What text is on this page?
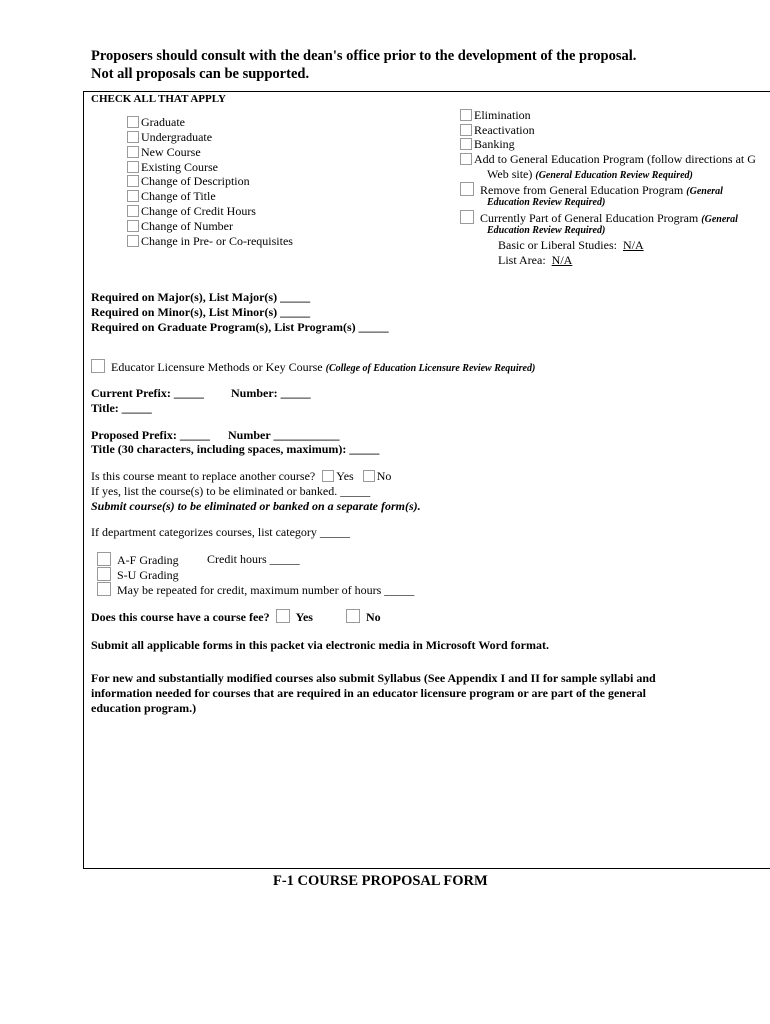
Proposers should consult with the dean's office prior to the development of the proposal.
Not all proposals can be supported.
CHECK ALL THAT APPLY
Graduate
Undergraduate
New Course
Existing Course
Change of Description
Change of Title
Change of Credit Hours
Change of Number
Change in Pre- or Co-requisites
Elimination
Reactivation
Banking
Add to General Education Program (follow directions at G
Web site) (General Education Review Required)
Remove from General Education Program (General
Education Review Required)
Currently Part of General Education Program (General
Education Review Required)
Basic or Liberal Studies: N/A
List Area: N/A
Required on Major(s), List Major(s) _____
Required on Minor(s), List Minor(s) _____
Required on Graduate Program(s), List Program(s) _____
Educator Licensure Methods or Key Course (College of Education Licensure Review Required)
Current Prefix: _____ Number: _____
Title: _____
Proposed Prefix: _____ Number ___________
Title (30 characters, including spaces, maximum): _____
Is this course meant to replace another course? Yes No
If yes, list the course(s) to be eliminated or banked. _____
Submit course(s) to be eliminated or banked on a separate form(s).
If department categorizes courses, list category _____
A-F Grading Credit hours _____
S-U Grading
May be repeated for credit, maximum number of hours _____
Does this course have a course fee? Yes	No
Submit all applicable forms in this packet via electronic media in Microsoft Word format.
For new and substantially modified courses also submit Syllabus (See Appendix I and II for sample syllabi and
information needed for courses that are required in an educator licensure program or are part of the general
education program.)
F-1 COURSE PROPOSAL FORM
